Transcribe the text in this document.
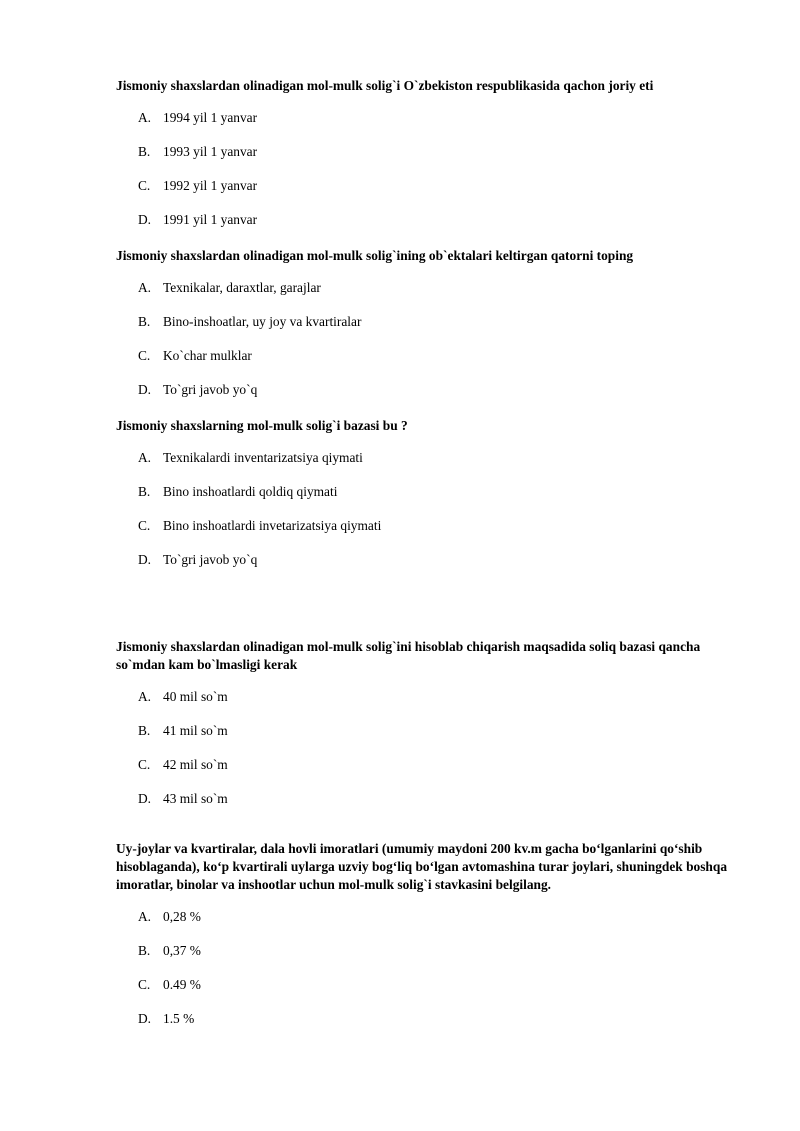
Jismoniy shaxslardan olinadigan mol-mulk solig`i O`zbekiston respublikasida qachon joriy eti

A. 1994 yil 1 yanvar
B. 1993 yil 1 yanvar
C. 1992 yil 1 yanvar
D. 1991 yil 1 yanvar

Jismoniy shaxslardan olinadigan mol-mulk solig`ining ob`ektalari keltirgan qatorni toping

A. Texnikalar, daraxtlar, garajlar
B. Bino-inshoatlar, uy joy va kvartiralar
C. Ko`char mulklar
D. To`gri javob yo`q

Jismoniy shaxslarning mol-mulk solig`i bazasi bu ?

A. Texnikalardi inventarizatsiya qiymati
B. Bino inshoatlardi qoldiq qiymati
C. Bino inshoatlardi invetarizatsiya qiymati
D. To`gri javob yo`q

Jismoniy shaxslardan olinadigan mol-mulk solig`ini hisoblab chiqarish maqsadida soliq bazasi qancha so`mdan kam bo`lmasligi kerak

A. 40 mil so`m
B. 41 mil so`m
C. 42 mil so`m
D. 43 mil so`m

Uy-joylar va kvartiralar, dala hovli imoratlari (umumiy maydoni 200 kv.m gacha bo‘lganlarini qo‘shib hisoblaganda), ko‘p kvartirali uylarga uzviy bog‘liq bo‘lgan avtomashina turar joylari, shuningdek boshqa imoratlar, binolar va inshootlar uchun mol-mulk solig`i stavkasini belgilang.

A. 0,28 %
B. 0,37 %
C. 0.49 %
D. 1.5 %
